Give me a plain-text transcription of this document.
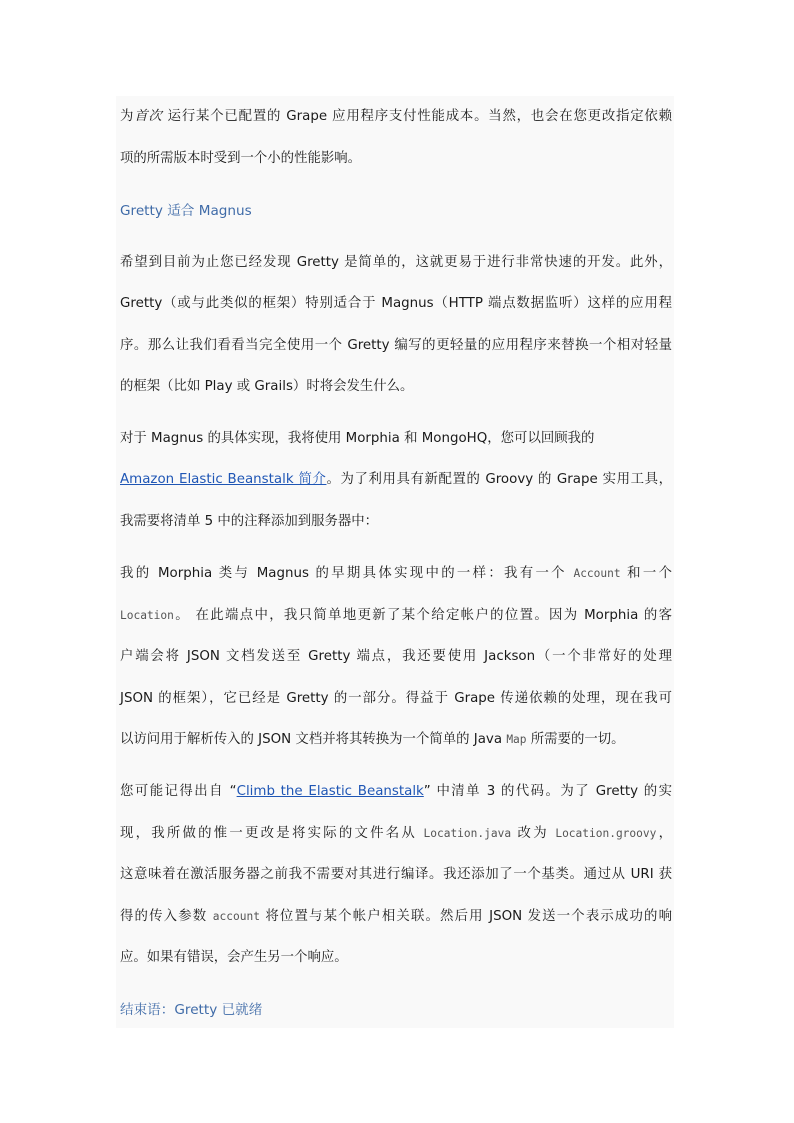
为首次 运行某个已配置的 Grape 应用程序支付性能成本。当然，也会在您更改指定依赖
项的所需版本时受到一个小的性能影响。
Gretty 适合 Magnus
希望到目前为止您已经发现 Gretty 是简单的，这就更易于进行非常快速的开发。此外，
Gretty（或与此类似的框架）特别适合于 Magnus（HTTP 端点数据监听）这样的应用程
序。那么让我们看看当完全使用一个 Gretty 编写的更轻量的应用程序来替换一个相对轻量
的框架（比如 Play 或 Grails）时将会发生什么。
对于 Magnus 的具体实现，我将使用 Morphia 和 MongoHQ，您可以回顾我的
Amazon Elastic Beanstalk 简介。为了利用具有新配置的 Groovy 的 Grape 实用工具，
我需要将清单 5 中的注释添加到服务器中：
我的 Morphia 类与 Magnus 的早期具体实现中的一样：我有一个 Account 和一个
Location。 在此端点中，我只简单地更新了某个给定帐户的位置。因为 Morphia 的客
户端会将 JSON 文档发送至 Gretty 端点，我还要使用 Jackson（一个非常好的处理
JSON 的框架），它已经是 Gretty 的一部分。得益于 Grape 传递依赖的处理，现在我可
以访问用于解析传入的 JSON 文档并将其转换为一个简单的 Java Map 所需要的一切。
您可能记得出自 “Climb the Elastic Beanstalk” 中清单 3 的代码。为了 Gretty 的实
现，我所做的惟一更改是将实际的文件名从 Location.java 改为 Location.groovy，
这意味着在激活服务器之前我不需要对其进行编译。我还添加了一个基类。通过从 URI 获
得的传入参数 account 将位置与某个帐户相关联。然后用 JSON 发送一个表示成功的响
应。如果有错误，会产生另一个响应。
结束语：Gretty 已就绪
